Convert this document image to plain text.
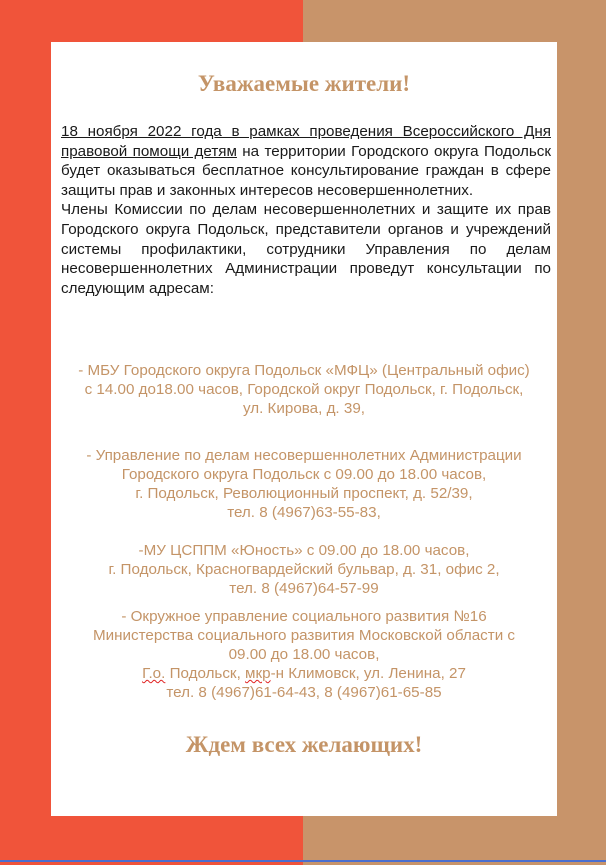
Уважаемые жители!

18 ноября 2022 года в рамках проведения Всероссийского Дня правовой помощи детям на территории Городского округа Подольск будет оказываться бесплатное консультирование граждан в сфере защиты прав и законных интересов несовершеннолетних.

Члены Комиссии по делам несовершеннолетних и защите их прав Городского округа Подольск, представители органов и учреждений системы профилактики, сотрудники Управления по делам несовершеннолетних Администрации проведут консультации по следующим адресам:

- МБУ Городского округа Подольск «МФЦ» (Центральный офис)
с 14.00 до18.00 часов, Городской округ Подольск, г. Подольск,
ул. Кирова, д. 39,
- Управление по делам несовершеннолетних Администрации
Городского округа Подольск с 09.00 до 18.00 часов,
г. Подольск, Революционный проспект, д. 52/39,
тел. 8 (4967)63-55-83,
-МУ ЦСППМ «Юность» с 09.00 до 18.00 часов,
г. Подольск, Красногвардейский бульвар, д. 31, офис 2,
тел. 8 (4967)64-57-99
- Окружное управление социального развития №16
Министерства социального развития Московской области с
09.00 до 18.00 часов,
Г.о. Подольск, мкр-н Климовск, ул. Ленина, 27
тел. 8 (4967)61-64-43, 8 (4967)61-65-85
Ждем всех желающих!
